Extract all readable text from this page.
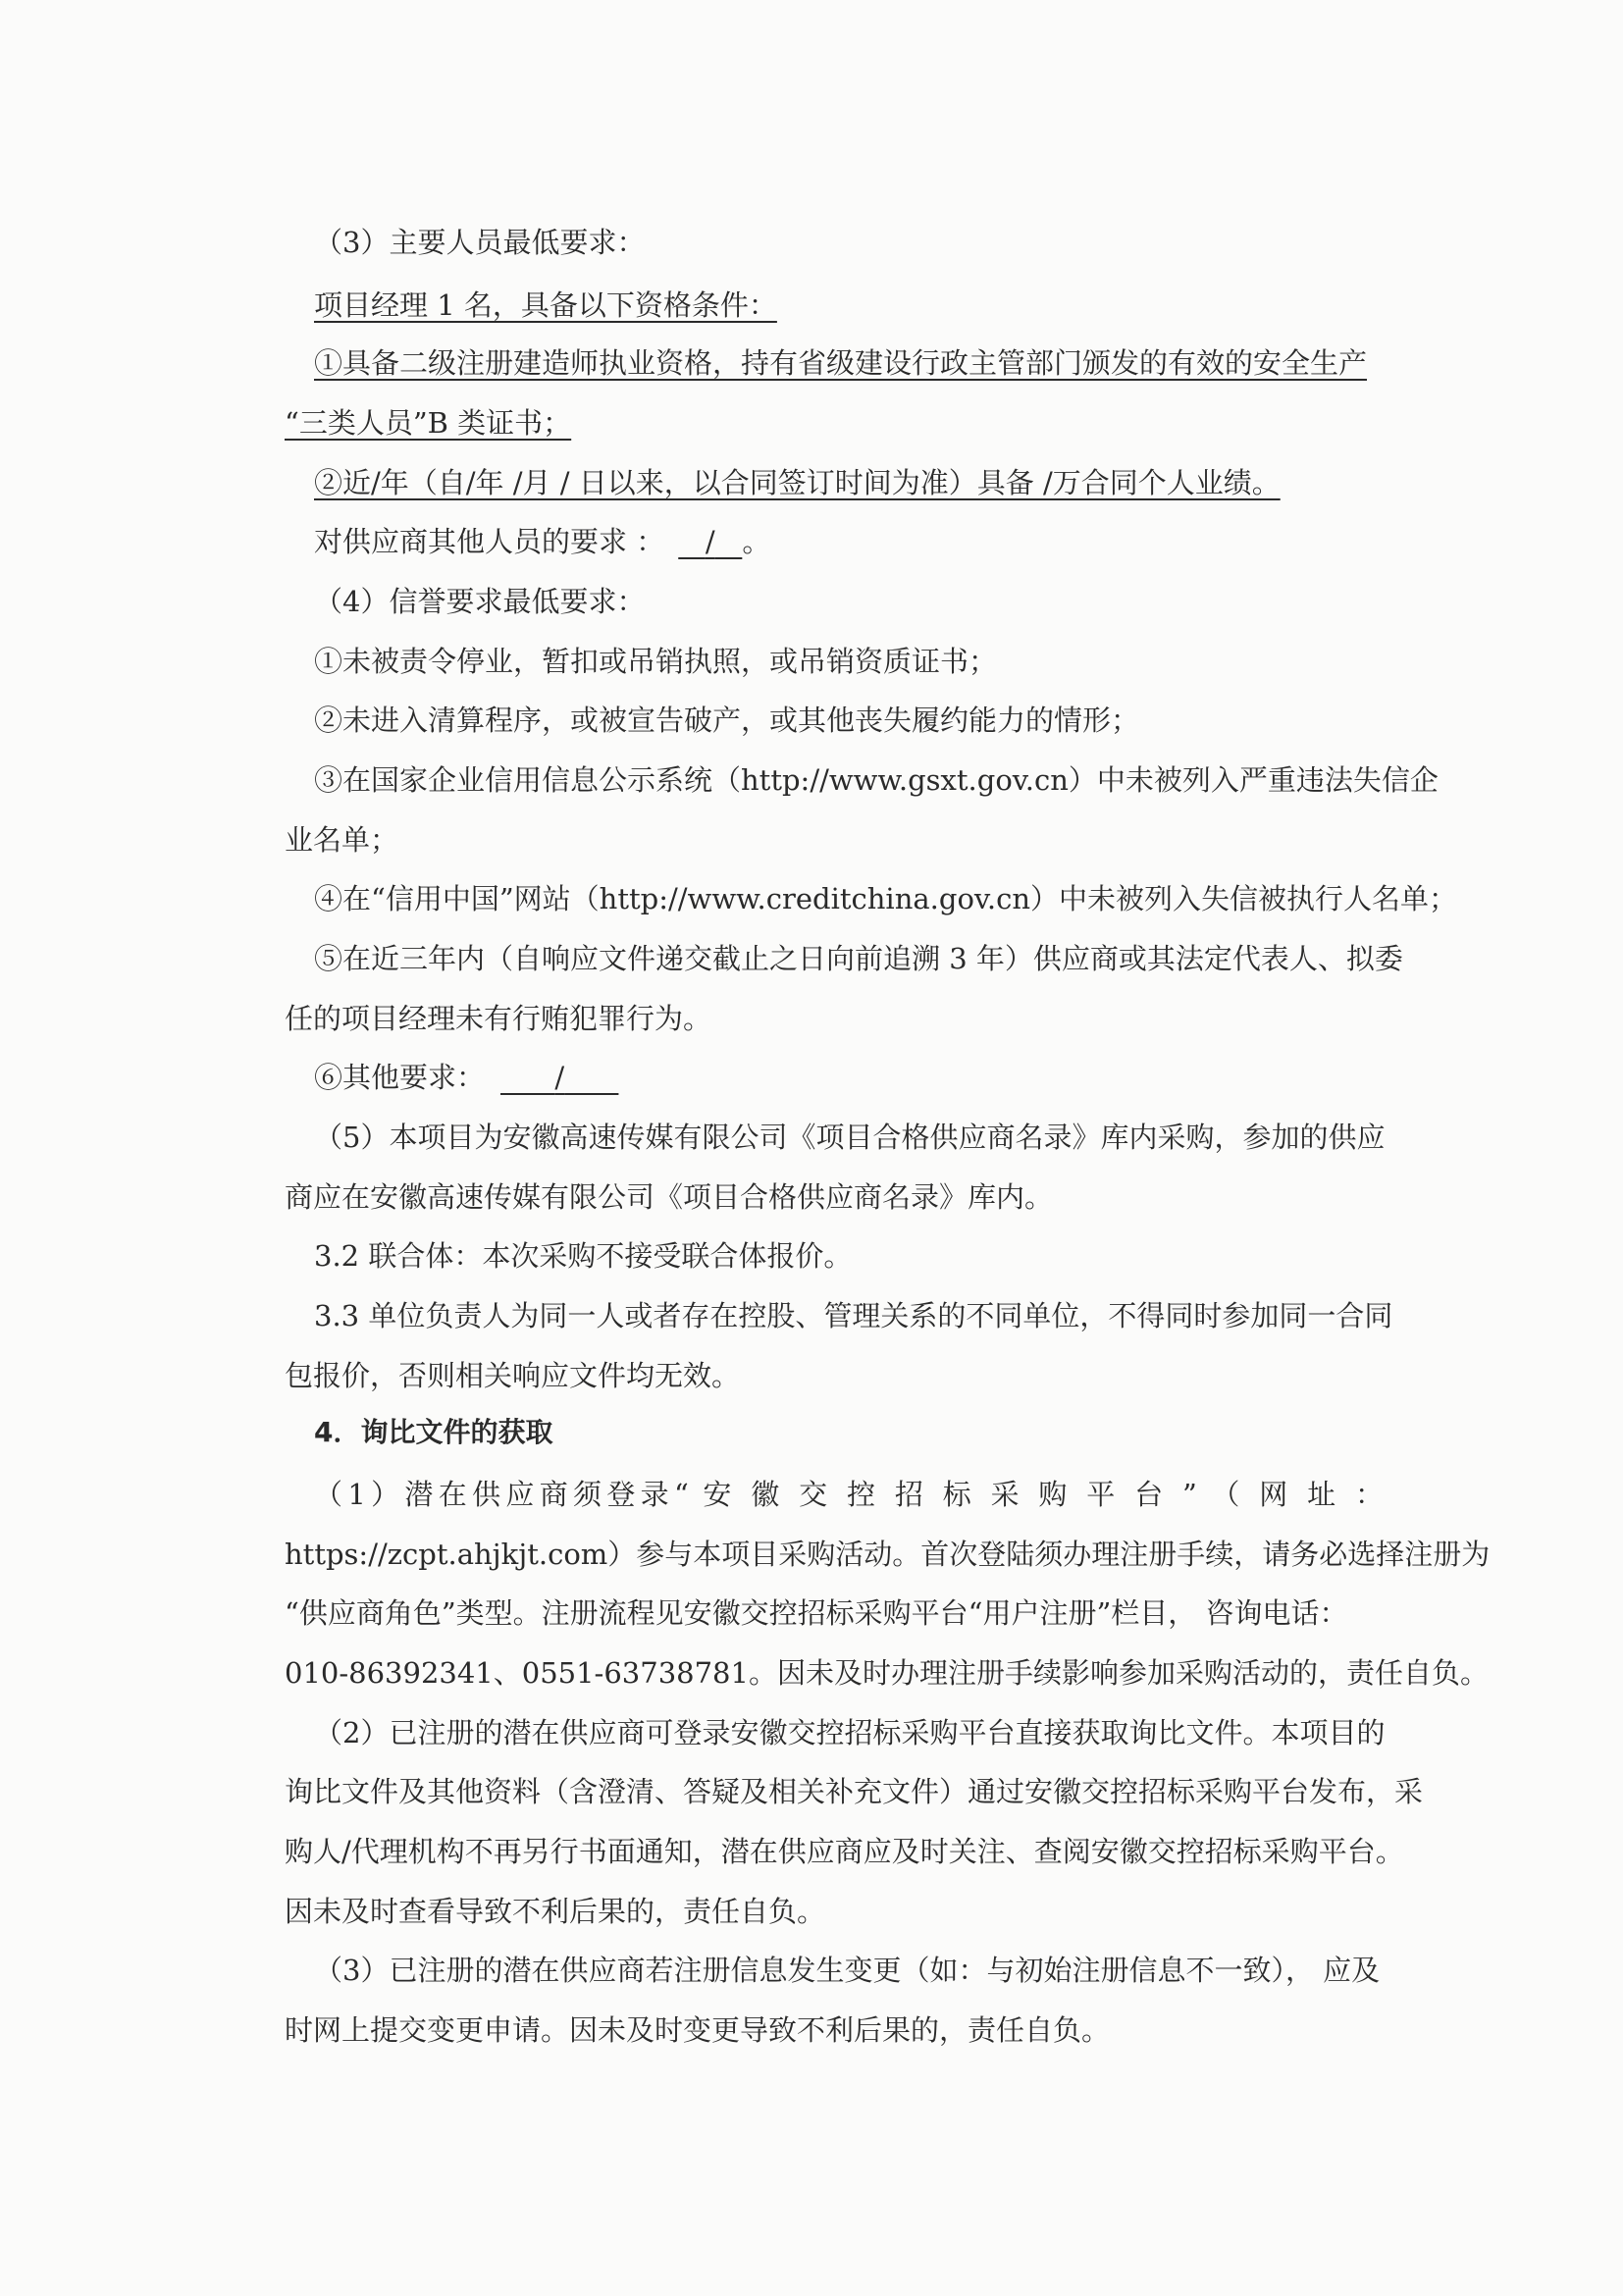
（3）主要人员最低要求：
项目经理 1 名，具备以下资格条件：
①具备二级注册建造师执业资格，持有省级建设行政主管部门颁发的有效的安全生产
“三类人员”B 类证书；
②近/年（自/年 /月 / 日以来，以合同签订时间为准）具备 /万合同个人业绩。
对供应商其他人员的要求 ： / 。
（4）信誉要求最低要求：
①未被责令停业，暂扣或吊销执照，或吊销资质证书；
②未进入清算程序，或被宣告破产，或其他丧失履约能力的情形；
③在国家企业信用信息公示系统（http://www.gsxt.gov.cn）中未被列入严重违法失信企
业名单；
④在“信用中国”网站（http://www.creditchina.gov.cn）中未被列入失信被执行人名单；
⑤在近三年内（自响应文件递交截止之日向前追溯 3 年）供应商或其法定代表人、拟委
任的项目经理未有行贿犯罪行为。
⑥其他要求： /
（5）本项目为安徽高速传媒有限公司《项目合格供应商名录》库内采购，参加的供应
商应在安徽高速传媒有限公司《项目合格供应商名录》库内。
3.2 联合体：本次采购不接受联合体报价。
3.3 单位负责人为同一人或者存在控股、管理关系的不同单位，不得同时参加同一合同
包报价，否则相关响应文件均无效。
4．询比文件的获取
（1）潜在供应商须登录“ 安 徽 交 控 招 标 采 购 平 台 ” （ 网 址 ：
https://zcpt.ahjkjt.com）参与本项目采购活动。首次登陆须办理注册手续，请务必选择注册为
“供应商角色”类型。注册流程见安徽交控招标采购平台“用户注册”栏目， 咨询电话：
010-86392341、0551-63738781。因未及时办理注册手续影响参加采购活动的，责任自负。
（2）已注册的潜在供应商可登录安徽交控招标采购平台直接获取询比文件。本项目的
询比文件及其他资料（含澄清、答疑及相关补充文件）通过安徽交控招标采购平台发布，采
购人/代理机构不再另行书面通知，潜在供应商应及时关注、查阅安徽交控招标采购平台。
因未及时查看导致不利后果的，责任自负。
（3）已注册的潜在供应商若注册信息发生变更（如：与初始注册信息不一致）， 应及
时网上提交变更申请。因未及时变更导致不利后果的，责任自负。
